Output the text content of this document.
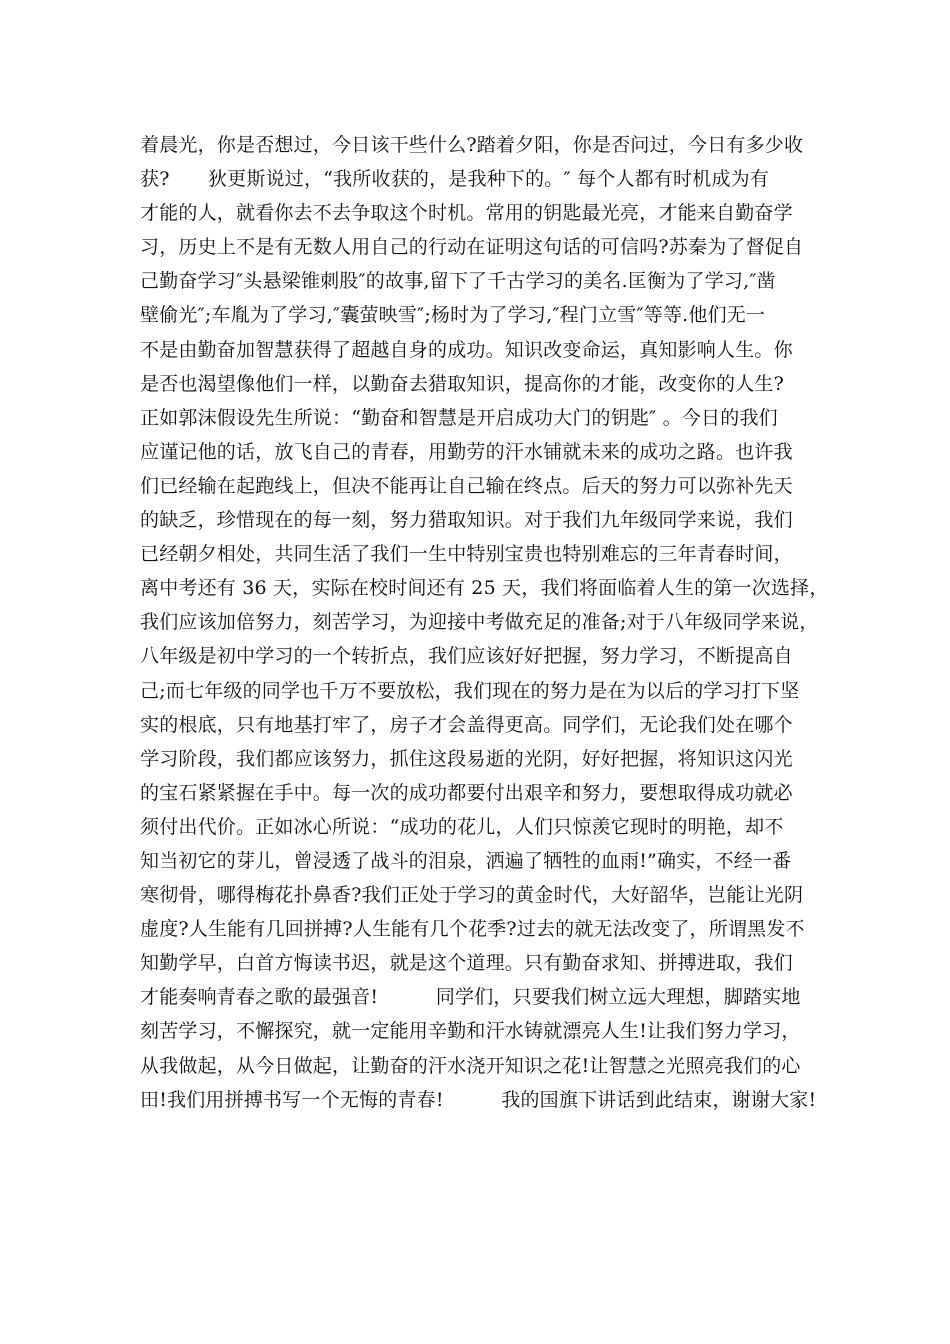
着晨光，你是否想过，今日该干些什么?踏着夕阳，你是否问过，今日有多少收
获?　　狄更斯说过，“我所收获的，是我种下的。″ 每个人都有时机成为有
才能的人，就看你去不去争取这个时机。常用的钥匙最光亮，才能来自勤奋学
习，历史上不是有无数人用自己的行动在证明这句话的可信吗?苏秦为了督促自
己勤奋学习″头悬梁锥刺股″的故事,留下了千古学习的美名.匡衡为了学习,″凿
壁偷光″;车胤为了学习,″囊萤映雪″;杨时为了学习,″程门立雪″等等.他们无一
不是由勤奋加智慧获得了超越自身的成功。知识改变命运，真知影响人生。你
是否也渴望像他们一样，以勤奋去猎取知识，提高你的才能，改变你的人生?
正如郭沫假设先生所说：“勤奋和智慧是开启成功大门的钥匙″ 。今日的我们
应谨记他的话，放飞自己的青春，用勤劳的汗水铺就未来的成功之路。也许我
们已经输在起跑线上，但决不能再让自己输在终点。后天的努力可以弥补先天
的缺乏，珍惜现在的每一刻，努力猎取知识。对于我们九年级同学来说，我们
已经朝夕相处，共同生活了我们一生中特别宝贵也特别难忘的三年青春时间，
离中考还有 36 天，实际在校时间还有 25 天，我们将面临着人生的第一次选择，
我们应该加倍努力，刻苦学习，为迎接中考做充足的准备;对于八年级同学来说，
八年级是初中学习的一个转折点，我们应该好好把握，努力学习，不断提高自
己;而七年级的同学也千万不要放松，我们现在的努力是在为以后的学习打下坚
实的根底，只有地基打牢了，房子才会盖得更高。同学们，无论我们处在哪个
学习阶段，我们都应该努力，抓住这段易逝的光阴，好好把握，将知识这闪光
的宝石紧紧握在手中。每一次的成功都要付出艰辛和努力，要想取得成功就必
须付出代价。正如冰心所说：“成功的花儿，人们只惊羡它现时的明艳，却不
知当初它的芽儿，曾浸透了战斗的泪泉，洒遍了牺牲的血雨!”确实，不经一番
寒彻骨，哪得梅花扑鼻香?我们正处于学习的黄金时代，大好韶华，岂能让光阴
虚度?人生能有几回拼搏?人生能有几个花季?过去的就无法改变了，所谓黑发不
知勤学早，白首方悔读书迟，就是这个道理。只有勤奋求知、拼搏进取，我们
才能奏响青春之歌的最强音!　　　同学们，只要我们树立远大理想，脚踏实地
刻苦学习，不懈探究，就一定能用辛勤和汗水铸就漂亮人生!让我们努力学习，
从我做起，从今日做起，让勤奋的汗水浇开知识之花!让智慧之光照亮我们的心
田!我们用拼搏书写一个无悔的青春!　　　我的国旗下讲话到此结束，谢谢大家!
